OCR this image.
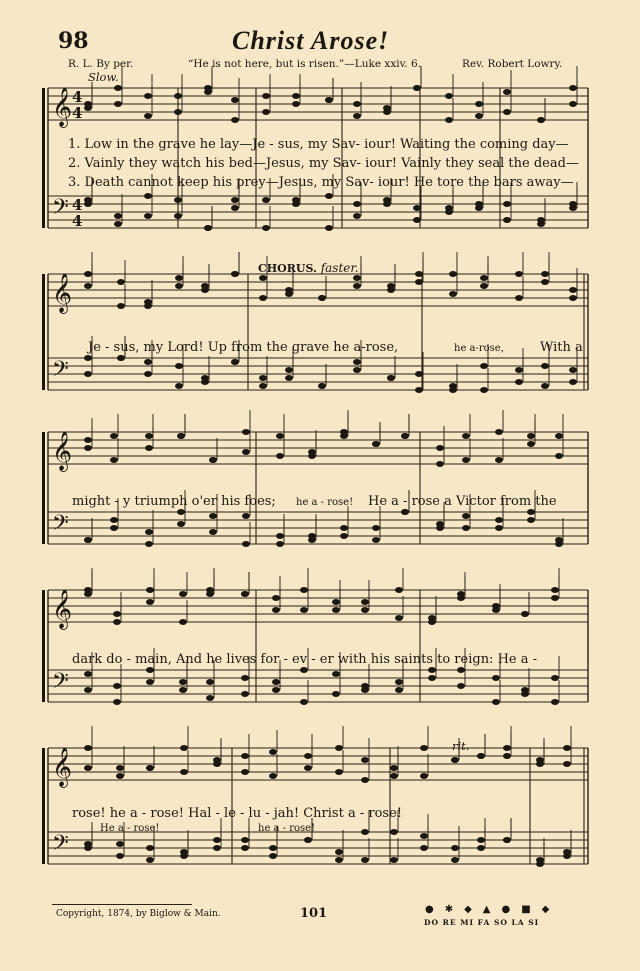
98	Christ Arose!
R. L. By per.	“He is not here, but is risen.”—Luke xxiv. 6.	Rev. Robert Lowry.
Slow.
𝄞
𝄢
𝄞
𝄢
𝄞
𝄢
𝄞
𝄢
𝄞
𝄢
4
4
4
4
1. Low in the grave he lay—Je - sus, my Sav- iour! Waiting the coming day—
2. Vainly they watch his bed—Jesus, my Sav- iour! Vainly they seal the dead—
3. Death cannot keep his prey—Jesus, my Sav- iour! He tore the bars away—
CHORUS. faster.
Je - sus, my Lord! Up from the grave he a-rose,	he a-rose,	With a
might - y triumph o'er his foes; he a - rose! He a - rose a Victor from the
dark do - main, And he lives for - ev - er with his saints to reign: He a -
rit.
rose! he a - rose! Hal - le - lu - jah! Christ a - rose!
He a - rose!	he a - rose!
Copyright, 1874, by Biglow & Main.	101	●✱◆▲●■◆
DO RE MI FA SO LA SI
